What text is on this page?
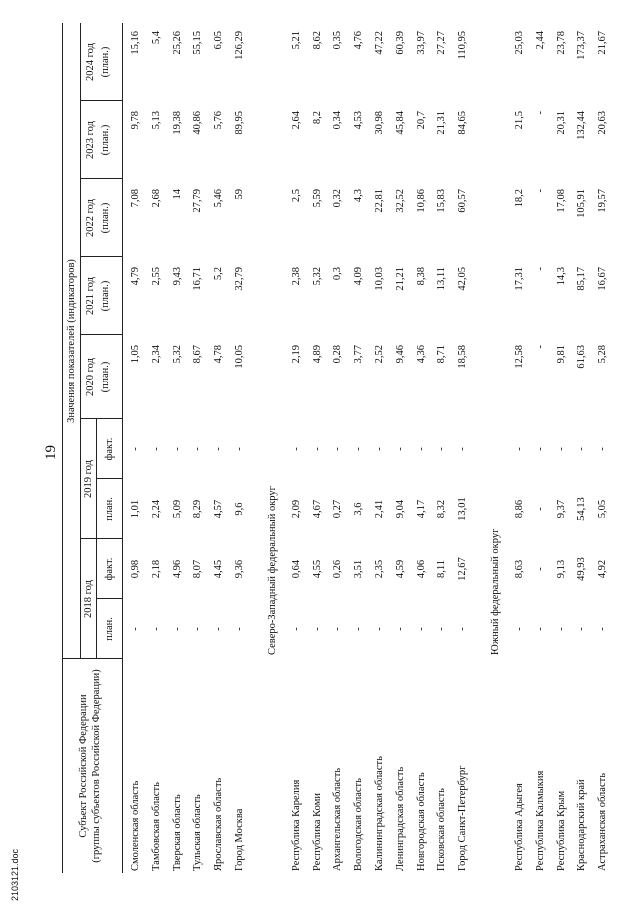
19
2103121.doc
Субъект Российской Федерации (группы субъектов Российской Федерации)
Значения показателей (индикаторов)
2018 год
2019 год
план.
факт.
план.
факт.
2020 год (план.)
2021 год (план.)
2022 год (план.)
2023 год (план.)
2024 год (план.)
Смоленская область
-
0,98
1,01
-
1,05
4,79
7,08
9,78
15,16
Тамбовская область
-
2,18
2,24
-
2,34
2,55
2,68
5,13
5,4
Тверская область
-
4,96
5,09
-
5,32
9,43
14
19,38
25,26
Тульская область
-
8,07
8,29
-
8,67
16,71
27,79
40,86
55,15
Ярославская область
-
4,45
4,57
-
4,78
5,2
5,46
5,76
6,05
Город Москва
-
9,36
9,6
-
10,05
32,79
59
89,95
126,29
Северо-Западный федеральный округ
Республика Карелия
-
0,64
2,09
-
2,19
2,38
2,5
2,64
5,21
Республика Коми
-
4,55
4,67
-
4,89
5,32
5,59
8,2
8,62
Архангельская область
-
0,26
0,27
-
0,28
0,3
0,32
0,34
0,35
Вологодская область
-
3,51
3,6
-
3,77
4,09
4,3
4,53
4,76
Калининградская область
-
2,35
2,41
-
2,52
10,03
22,81
30,98
47,22
Ленинградская область
-
4,59
9,04
-
9,46
21,21
32,52
45,84
60,39
Новгородская область
-
4,06
4,17
-
4,36
8,38
10,86
20,7
33,97
Псковская область
-
8,11
8,32
-
8,71
13,11
15,83
21,31
27,27
Город Санкт-Петербург
-
12,67
13,01
-
18,58
42,05
60,57
84,65
110,95
Южный федеральный округ
Республика Адыгея
-
8,63
8,86
-
12,58
17,31
18,2
21,5
25,03
Республика Калмыкия
-
-
-
-
-
-
-
-
2,44
Республика Крым
-
9,13
9,37
-
9,81
14,3
17,08
20,31
23,78
Краснодарский край
-
49,93
54,13
-
61,63
85,17
105,91
132,44
173,37
Астраханская область
-
4,92
5,05
-
5,28
16,67
19,57
20,63
21,67
